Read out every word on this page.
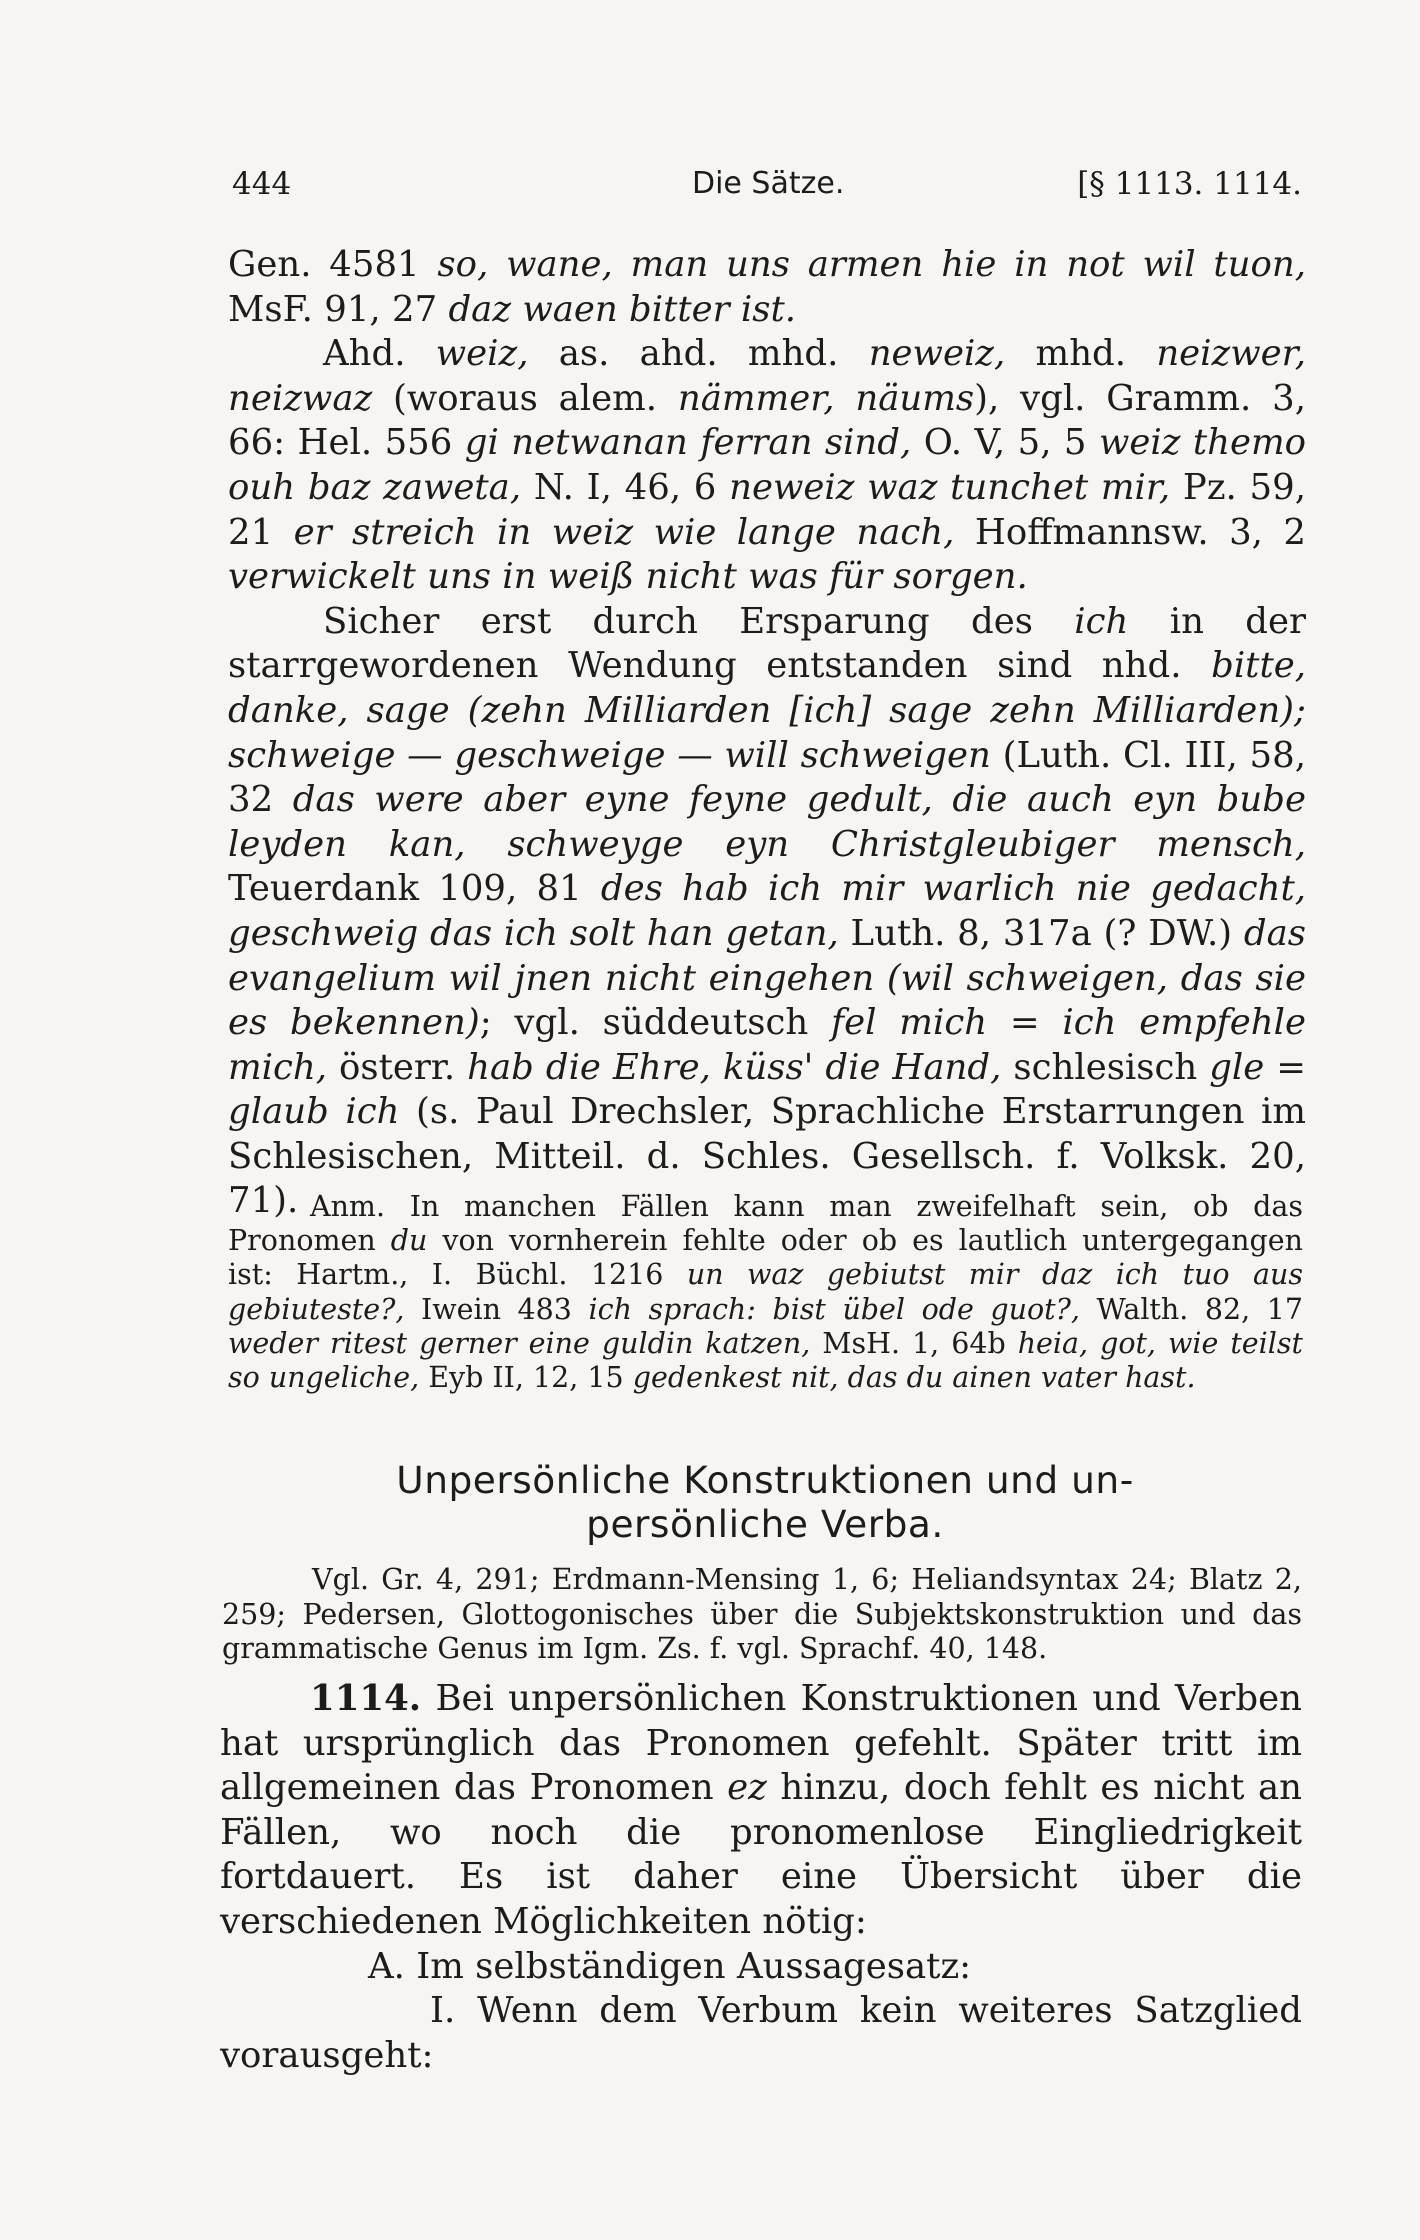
444	Die Sätze.	[§ 1113. 1114.

Gen. 4581 so, wane, man uns armen hie in not wil tuon, MsF. 91, 27 daz waen bitter ist.

Ahd. weiz, as. ahd. mhd. neweiz, mhd. neizwer, neizwaz (woraus alem. nämmer, näums), vgl. Gramm. 3, 66: Hel. 556 gi netwanan ferran sind, O. V, 5, 5 weiz themo ouh baz zaweta, N. I, 46, 6 neweiz waz tunchet mir, Pz. 59, 21 er streich in weiz wie lange nach, Hoffmannsw. 3, 2 verwickelt uns in weiß nicht was für sorgen.

Sicher erst durch Ersparung des ich in der starrgewordenen Wendung entstanden sind nhd. bitte, danke, sage (zehn Milliarden [ich] sage zehn Milliarden); schweige — geschweige — will schweigen (Luth. Cl. III, 58, 32 das were aber eyne feyne gedult, die auch eyn bube leyden kan, schweyge eyn Christgleubiger mensch, Teuerdank 109, 81 des hab ich mir warlich nie gedacht, geschweig das ich solt han getan, Luth. 8, 317a (? DW.) das evangelium wil jnen nicht eingehen (wil schweigen, das sie es bekennen); vgl. süddeutsch fel mich = ich empfehle mich, österr. hab die Ehre, küss' die Hand, schlesisch gle = glaub ich (s. Paul Drechsler, Sprachliche Erstarrungen im Schlesischen, Mitteil. d. Schles. Gesellsch. f. Volksk. 20, 71). Anm. In manchen Fällen kann man zweifelhaft sein, ob das Pronomen du von vornherein fehlte oder ob es lautlich untergegangen ist: Hartm., I. Büchl. 1216 un waz gebiutst mir daz ich tuo aus gebiuteste?, Iwein 483 ich sprach: bist übel ode guot?, Walth. 82, 17 weder ritest gerner eine guldin katzen, MsH. 1, 64b heia, got, wie teilst so ungeliche, Eyb II, 12, 15 gedenkest nit, das du ainen vater hast.

Unpersönliche Konstruktionen und un-

persönliche Verba.

Vgl. Gr. 4, 291; Erdmann-Mensing 1, 6; Heliandsyntax 24; Blatz 2, 259; Pedersen, Glottogonisches über die Subjektskonstruktion und das grammatische Genus im Igm. Zs. f. vgl. Sprachf. 40, 148.

1114. Bei unpersönlichen Konstruktionen und Verben hat ursprünglich das Pronomen gefehlt. Später tritt im allgemeinen das Pronomen ez hinzu, doch fehlt es nicht an Fällen, wo noch die pronomenlose Eingliedrigkeit fortdauert. Es ist daher eine Übersicht über die verschiedenen Möglichkeiten nötig:

A. Im selbständigen Aussagesatz:

I. Wenn dem Verbum kein weiteres Satzglied vorausgeht:
